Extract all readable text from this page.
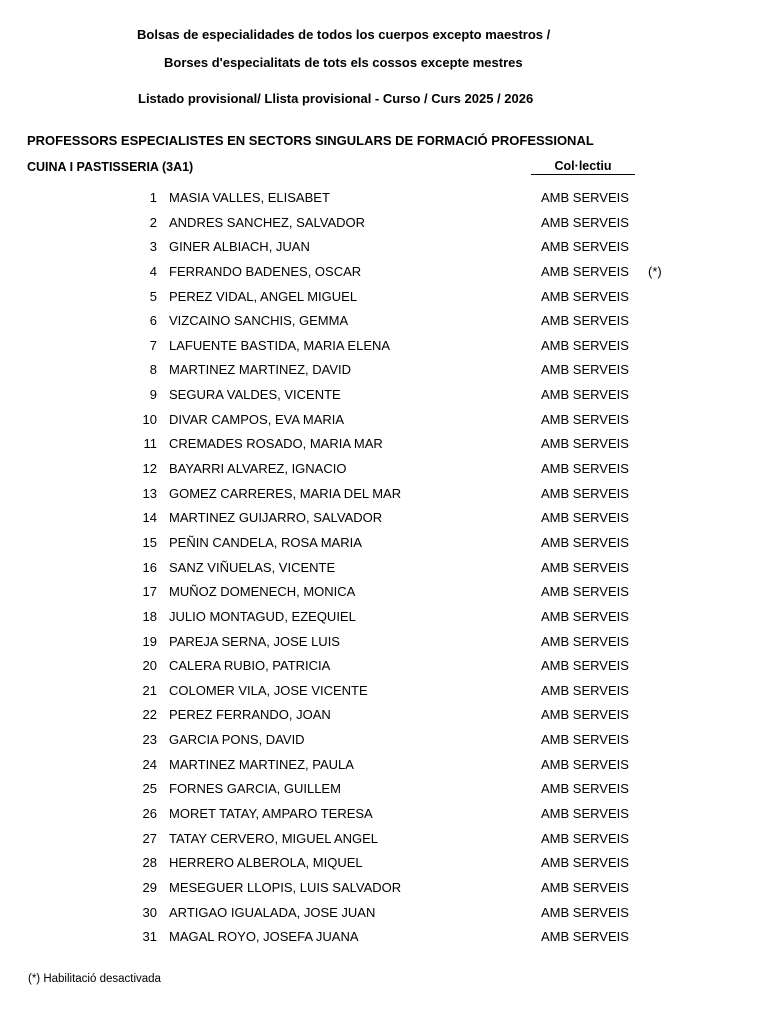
Bolsas de especialidades de todos los cuerpos excepto maestros /
Borses d'especialitats de tots els cossos excepte mestres
Listado provisional/ Llista provisional - Curso / Curs 2025 / 2026
PROFESSORS ESPECIALISTES EN SECTORS SINGULARS DE FORMACIÓ PROFESSIONAL
CUINA I PASTISSERIA (3A1)	Col·lectiu
1 MASIA VALLES, ELISABET	AMB SERVEIS
2 ANDRES SANCHEZ, SALVADOR	AMB SERVEIS
3 GINER ALBIACH, JUAN	AMB SERVEIS
4 FERRANDO BADENES, OSCAR	AMB SERVEIS (*)
5 PEREZ VIDAL, ANGEL MIGUEL	AMB SERVEIS
6 VIZCAINO SANCHIS, GEMMA	AMB SERVEIS
7 LAFUENTE BASTIDA, MARIA ELENA	AMB SERVEIS
8 MARTINEZ MARTINEZ, DAVID	AMB SERVEIS
9 SEGURA VALDES, VICENTE	AMB SERVEIS
10 DIVAR CAMPOS, EVA MARIA	AMB SERVEIS
11 CREMADES ROSADO, MARIA MAR	AMB SERVEIS
12 BAYARRI ALVAREZ, IGNACIO	AMB SERVEIS
13 GOMEZ CARRERES, MARIA DEL MAR	AMB SERVEIS
14 MARTINEZ GUIJARRO, SALVADOR	AMB SERVEIS
15 PEÑIN CANDELA, ROSA MARIA	AMB SERVEIS
16 SANZ VIÑUELAS, VICENTE	AMB SERVEIS
17 MUÑOZ DOMENECH, MONICA	AMB SERVEIS
18 JULIO MONTAGUD, EZEQUIEL	AMB SERVEIS
19 PAREJA SERNA, JOSE LUIS	AMB SERVEIS
20 CALERA RUBIO, PATRICIA	AMB SERVEIS
21 COLOMER VILA, JOSE VICENTE	AMB SERVEIS
22 PEREZ FERRANDO, JOAN	AMB SERVEIS
23 GARCIA PONS, DAVID	AMB SERVEIS
24 MARTINEZ MARTINEZ, PAULA	AMB SERVEIS
25 FORNES GARCIA, GUILLEM	AMB SERVEIS
26 MORET TATAY, AMPARO TERESA	AMB SERVEIS
27 TATAY CERVERO, MIGUEL ANGEL	AMB SERVEIS
28 HERRERO ALBEROLA, MIQUEL	AMB SERVEIS
29 MESEGUER LLOPIS, LUIS SALVADOR	AMB SERVEIS
30 ARTIGAO IGUALADA, JOSE JUAN	AMB SERVEIS
31 MAGAL ROYO, JOSEFA JUANA	AMB SERVEIS
(*) Habilitació desactivada
